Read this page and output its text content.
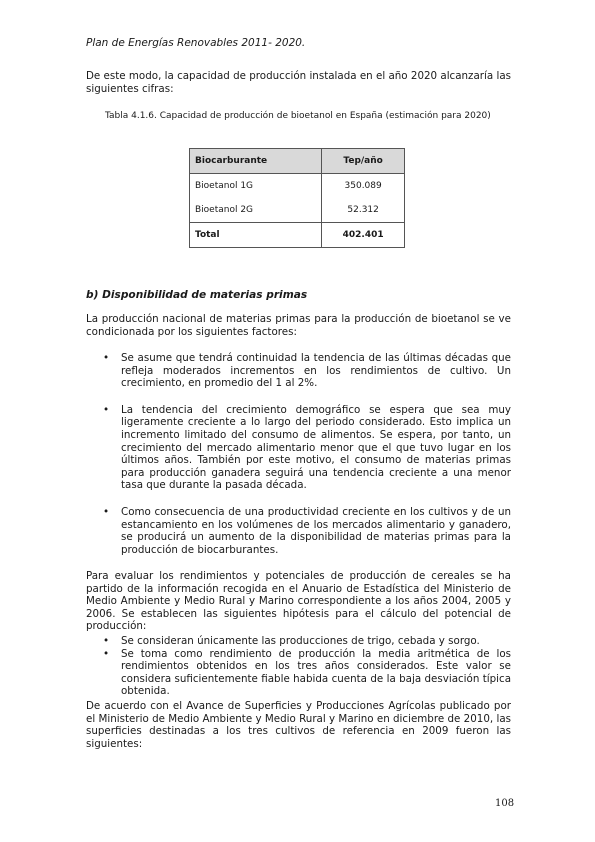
Plan de Energías Renovables 2011- 2020.

De este modo, la capacidad de producción instalada en el año 2020 alcanzaría las siguientes cifras:

Tabla 4.1.6. Capacidad de producción de bioetanol en España (estimación para 2020)
Biocarburante	Tep/año
Bioetanol 1G	350.089
Bioetanol 2G	52.312
Total	402.401
b) Disponibilidad de materias primas

La producción nacional de materias primas para la producción de bioetanol se ve condicionada por los siguientes factores:

• Se asume que tendrá continuidad la tendencia de las últimas décadas que refleja moderados incrementos en los rendimientos de cultivo. Un crecimiento, en promedio del 1 al 2%.
• La tendencia del crecimiento demográfico se espera que sea muy ligeramente creciente a lo largo del periodo considerado. Esto implica un incremento limitado del consumo de alimentos. Se espera, por tanto, un crecimiento del mercado alimentario menor que el que tuvo lugar en los últimos años. También por este motivo, el consumo de materias primas para producción ganadera seguirá una tendencia creciente a una menor tasa que durante la pasada década.
• Como consecuencia de una productividad creciente en los cultivos y de un estancamiento en los volúmenes de los mercados alimentario y ganadero, se producirá un aumento de la disponibilidad de materias primas para la producción de biocarburantes.

Para evaluar los rendimientos y potenciales de producción de cereales se ha partido de la información recogida en el Anuario de Estadística del Ministerio de Medio Ambiente y Medio Rural y Marino correspondiente a los años 2004, 2005 y 2006. Se establecen las siguientes hipótesis para el cálculo del potencial de producción:

• Se consideran únicamente las producciones de trigo, cebada y sorgo.
• Se toma como rendimiento de producción la media aritmética de los rendimientos obtenidos en los tres años considerados. Este valor se considera suficientemente fiable habida cuenta de la baja desviación típica obtenida.

De acuerdo con el Avance de Superficies y Producciones Agrícolas publicado por el Ministerio de Medio Ambiente y Medio Rural y Marino en diciembre de 2010, las superficies destinadas a los tres cultivos de referencia en 2009 fueron las siguientes:

108
